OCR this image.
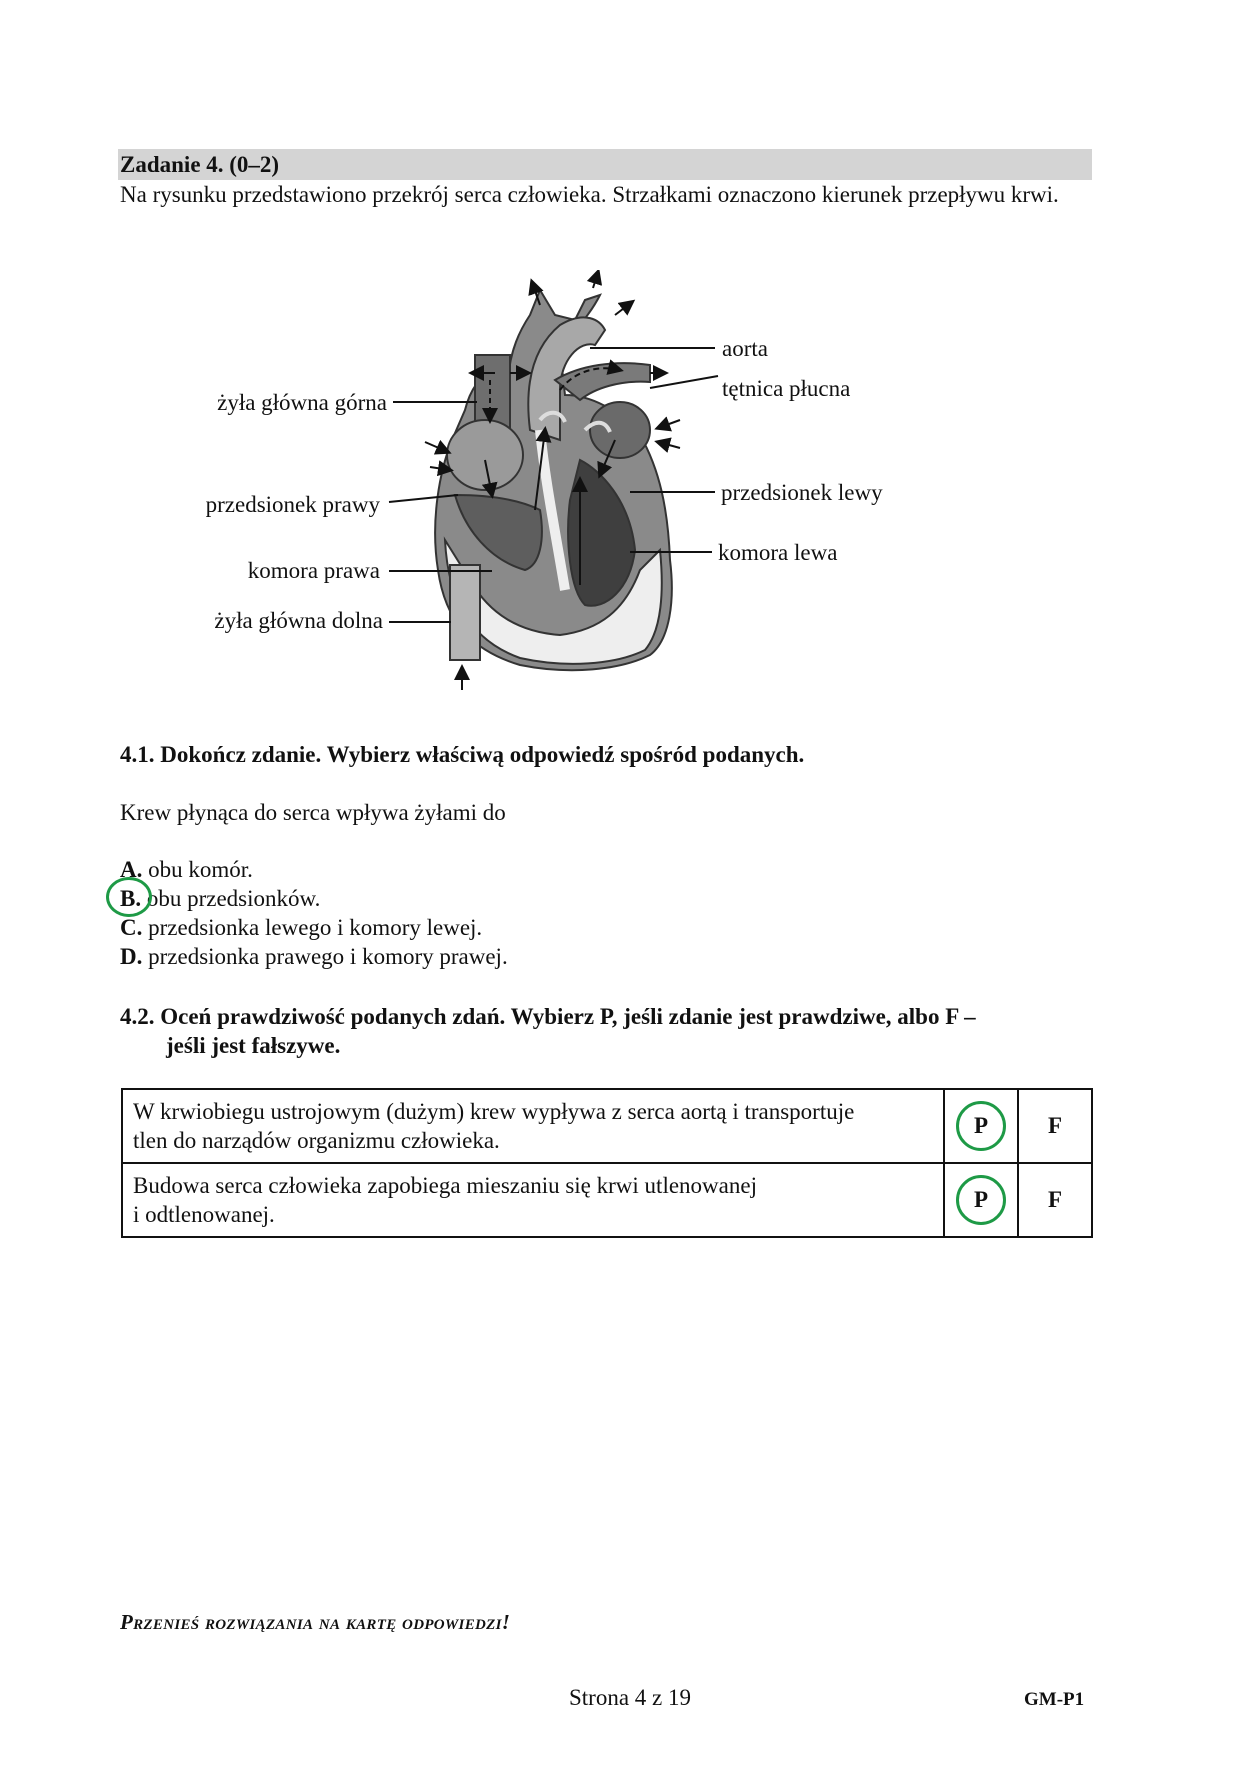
Zadanie 4. (0–2)
Na rysunku przedstawiono przekrój serca człowieka. Strzałkami oznaczono kierunek przepływu krwi.
aorta
tętnica płucna
żyła główna górna
przedsionek prawy	przedsionek lewy
komora prawa
komora lewa
żyła główna dolna
4.1. Dokończ zdanie. Wybierz właściwą odpowiedź spośród podanych.
Krew płynąca do serca wpływa żyłami do
A. obu komór.
B. obu przedsionków.
C. przedsionka lewego i komory lewej.
D. przedsionka prawego i komory prawej.
4.2. Oceń prawdziwość podanych zdań. Wybierz P, jeśli zdanie jest prawdziwe, albo F –
jeśli jest fałszywe.
W krwiobiegu ustrojowym (dużym) krew wypływa z serca aortą i transportuje
tlen do narządów organizmu człowieka.	P	F

Budowa serca człowieka zapobiega mieszaniu się krwi utlenowanej
i odtlenowanej.	P	F
Przenieś rozwiązania na kartę odpowiedzi!
Strona 4 z 19	GM-P1
